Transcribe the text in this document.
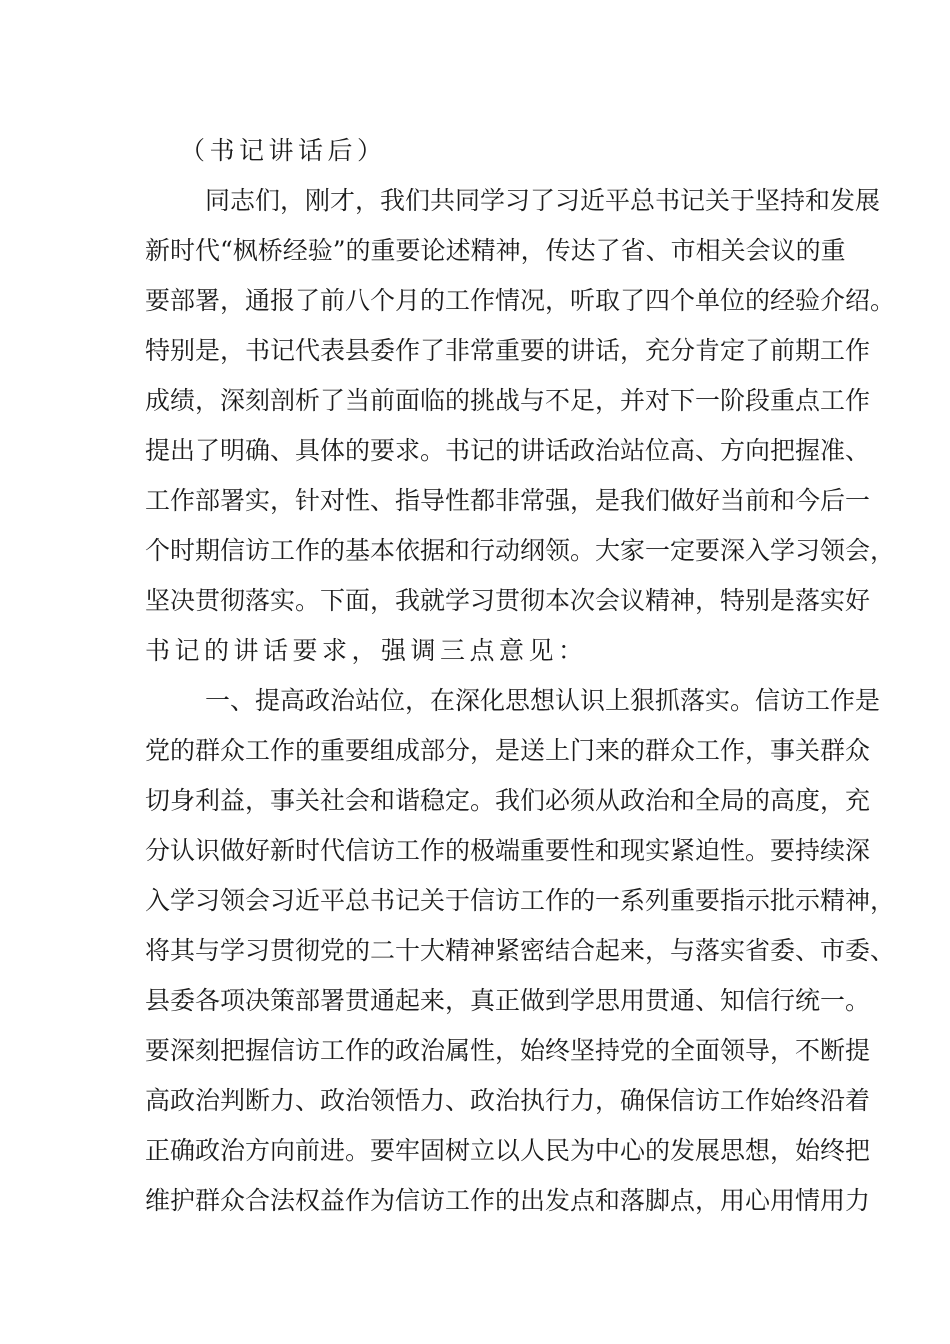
（书记讲话后）
同志们，刚才，我们共同学习了习近平总书记关于坚持和发展
新时代“枫桥经验”的重要论述精神，传达了省、市相关会议的重
要部署，通报了前八个月的工作情况，听取了四个单位的经验介绍。
特别是，书记代表县委作了非常重要的讲话，充分肯定了前期工作
成绩，深刻剖析了当前面临的挑战与不足，并对下一阶段重点工作
提出了明确、具体的要求。书记的讲话政治站位高、方向把握准、
工作部署实，针对性、指导性都非常强，是我们做好当前和今后一
个时期信访工作的基本依据和行动纲领。大家一定要深入学习领会，
坚决贯彻落实。下面，我就学习贯彻本次会议精神，特别是落实好
书记的讲话要求，强调三点意见：
一、提高政治站位，在深化思想认识上狠抓落实。信访工作是
党的群众工作的重要组成部分，是送上门来的群众工作，事关群众
切身利益，事关社会和谐稳定。我们必须从政治和全局的高度，充
分认识做好新时代信访工作的极端重要性和现实紧迫性。要持续深
入学习领会习近平总书记关于信访工作的一系列重要指示批示精神，
将其与学习贯彻党的二十大精神紧密结合起来，与落实省委、市委、
县委各项决策部署贯通起来，真正做到学思用贯通、知信行统一。
要深刻把握信访工作的政治属性，始终坚持党的全面领导，不断提
高政治判断力、政治领悟力、政治执行力，确保信访工作始终沿着
正确政治方向前进。要牢固树立以人民为中心的发展思想，始终把
维护群众合法权益作为信访工作的出发点和落脚点，用心用情用力
